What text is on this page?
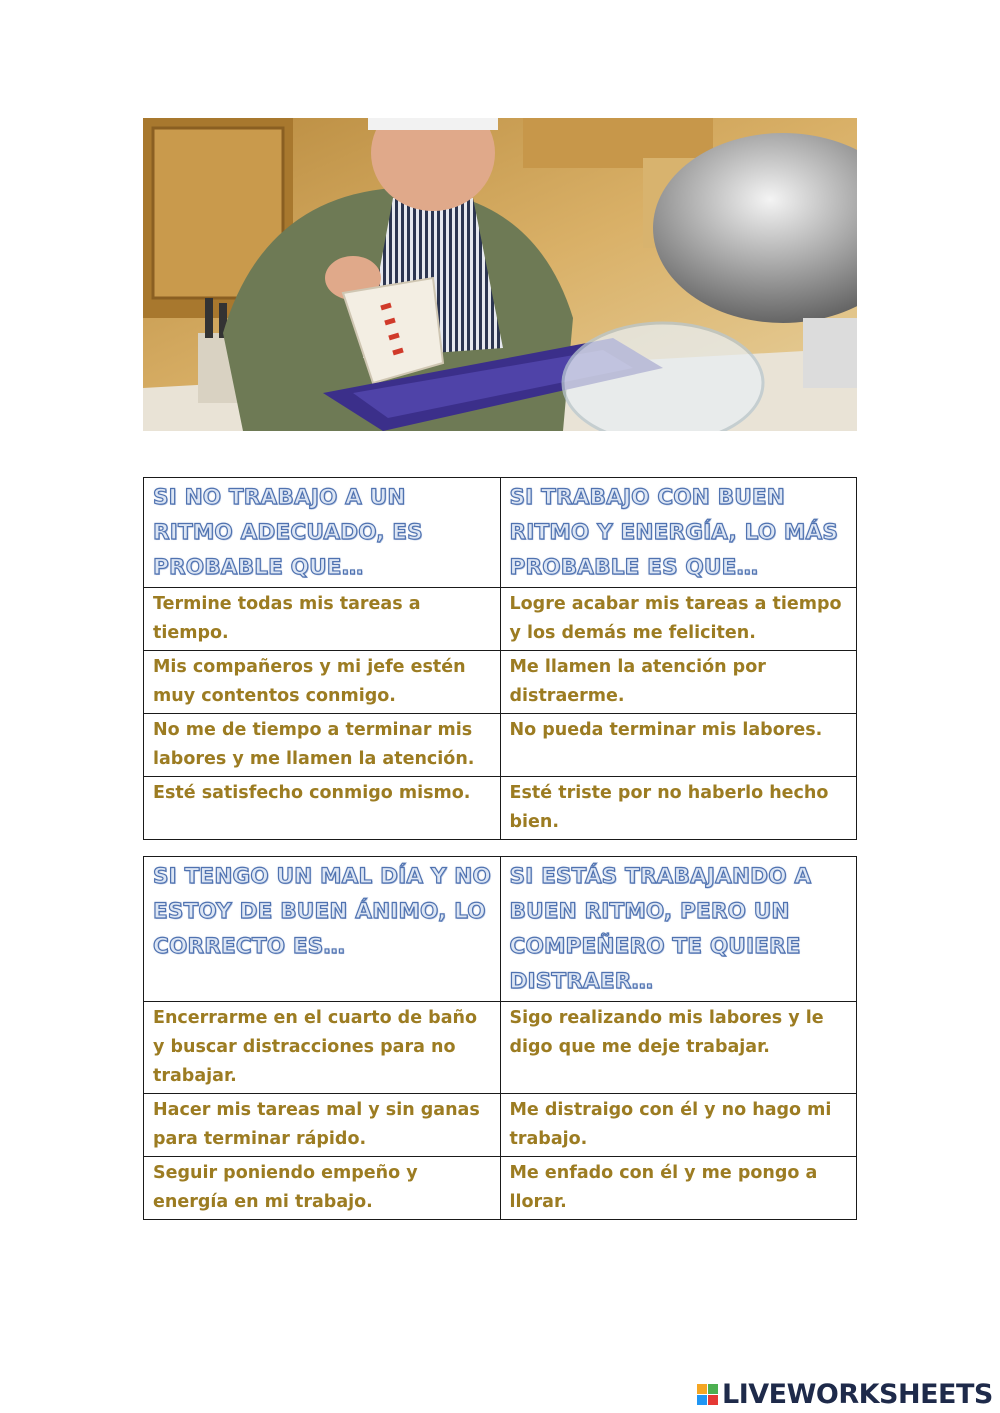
SI NO TRABAJO A UN RITMO ADECUADO, ES PROBABLE QUE…	SI TRABAJO CON BUEN RITMO Y ENERGÍA, LO MÁS PROBABLE ES QUE…

Termine todas mis tareas a tiempo.	Logre acabar mis tareas a tiempo y los demás me feliciten.

Mis compañeros y mi jefe estén muy contentos conmigo.	Me llamen la atención por distraerme.

No me de tiempo a terminar mis labores y me llamen la atención.	No pueda terminar mis labores.

Esté satisfecho conmigo mismo.	Esté triste por no haberlo hecho bien.
SI TENGO UN MAL DÍA Y NO ESTOY DE BUEN ÁNIMO, LO CORRECTO ES…	SI ESTÁS TRABAJANDO A BUEN RITMO, PERO UN COMPEÑERO TE QUIERE DISTRAER…

Encerrarme en el cuarto de baño y buscar distracciones para no trabajar.	Sigo realizando mis labores y le digo que me deje trabajar.

Hacer mis tareas mal y sin ganas para terminar rápido.	Me distraigo con él y no hago mi trabajo.

Seguir poniendo empeño y energía en mi trabajo.	Me enfado con él y me pongo a llorar.
LIVEWORKSHEETS
